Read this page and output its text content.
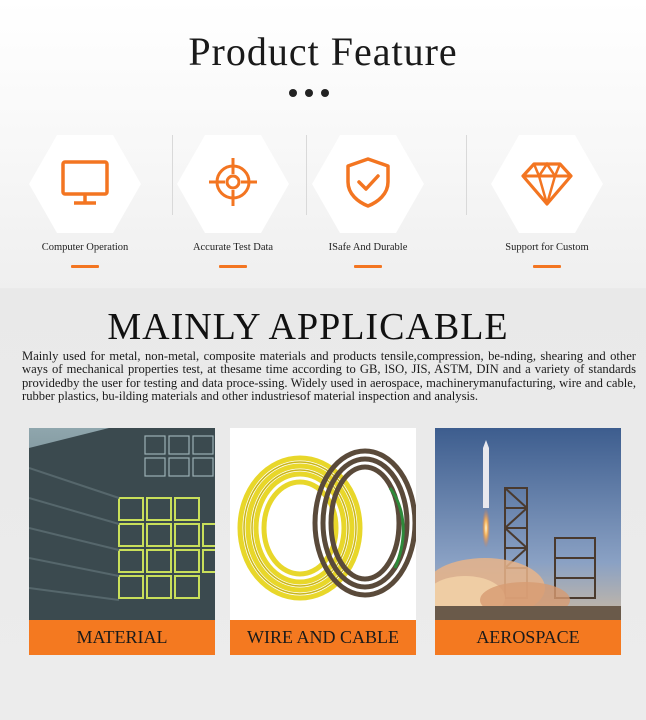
Product Feature
Computer Operation	Accurate Test Data	ISafe And Durable	Support for Custom
MAINLY APPLICABLE
Mainly used for metal, non-metal, composite materials and products tensile,compression, be-nding, shearing and other ways of mechanical properties test, at thesame time according to GB, lSO, JIS, ASTM, DIN and a variety of standards providedby the user for testing and data proce-ssing. Widely used in aerospace, machinerymanufacturing, wire and cable, rubber plastics, bu-ilding materials and other industriesof material inspection and analysis.
MATERIAL	WIRE AND CABLE	AEROSPACE
